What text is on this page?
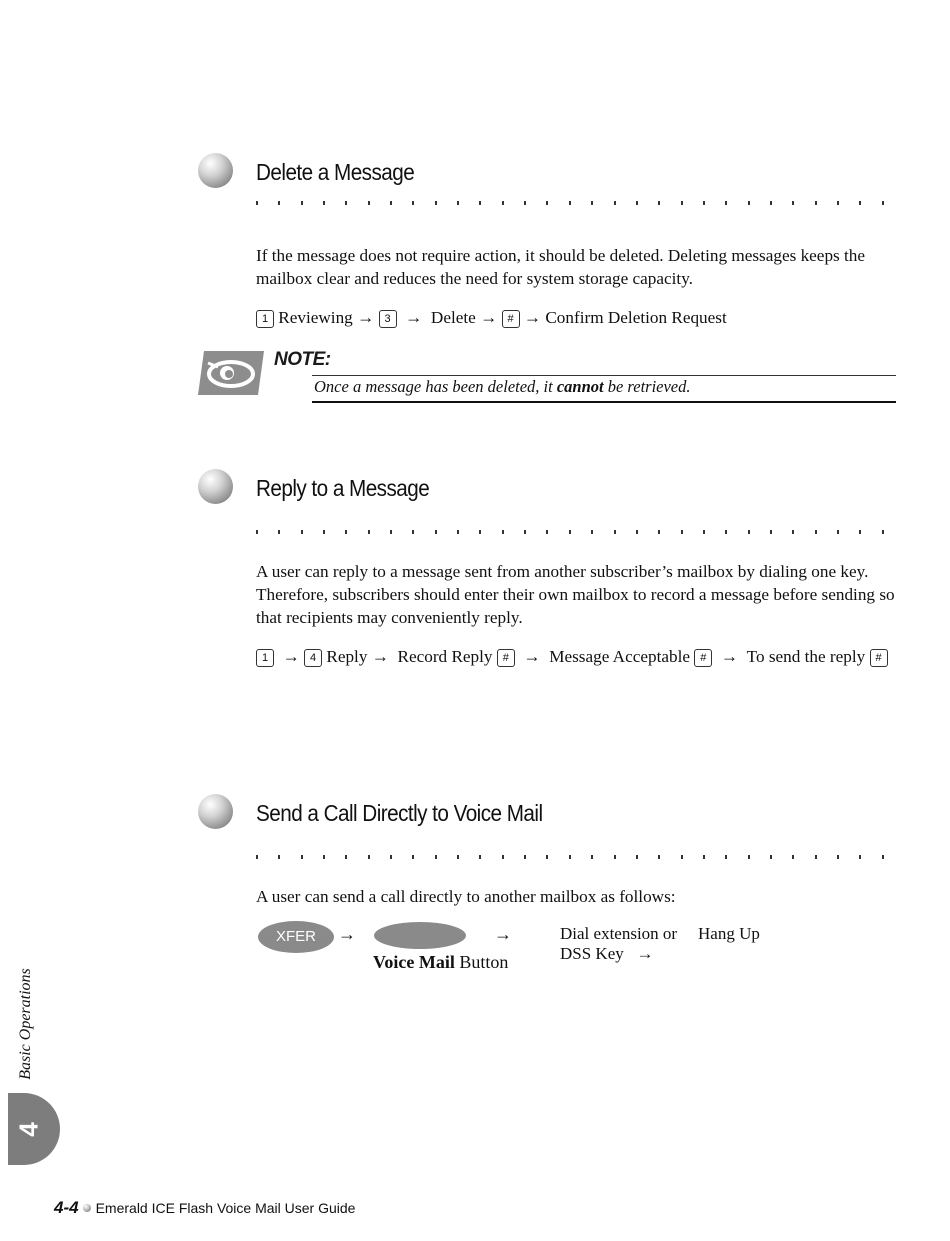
Delete a Message

If the message does not require action, it should be deleted. Deleting messages keeps the mailbox clear and reduces the need for system storage capacity.

1 Reviewing → 3 → Delete → # → Confirm Deletion Request

NOTE:
Once a message has been deleted, it cannot be retrieved.
Reply to a Message

A user can reply to a message sent from another subscriber’s mailbox by dialing one key. Therefore, subscribers should enter their own mailbox to record a message before sending so that recipients may conveniently reply.

1 → 4 Reply → Record Reply # → Message Acceptable # → To send the reply #

Send a Call Directly to Voice Mail

A user can send a call directly to another mailbox as follows:

XFER	→	→
Voice Mail Button
Dial extension or
DSS Key →
Hang Up
Basic Operations
4
4-4 Emerald ICE Flash Voice Mail User Guide
